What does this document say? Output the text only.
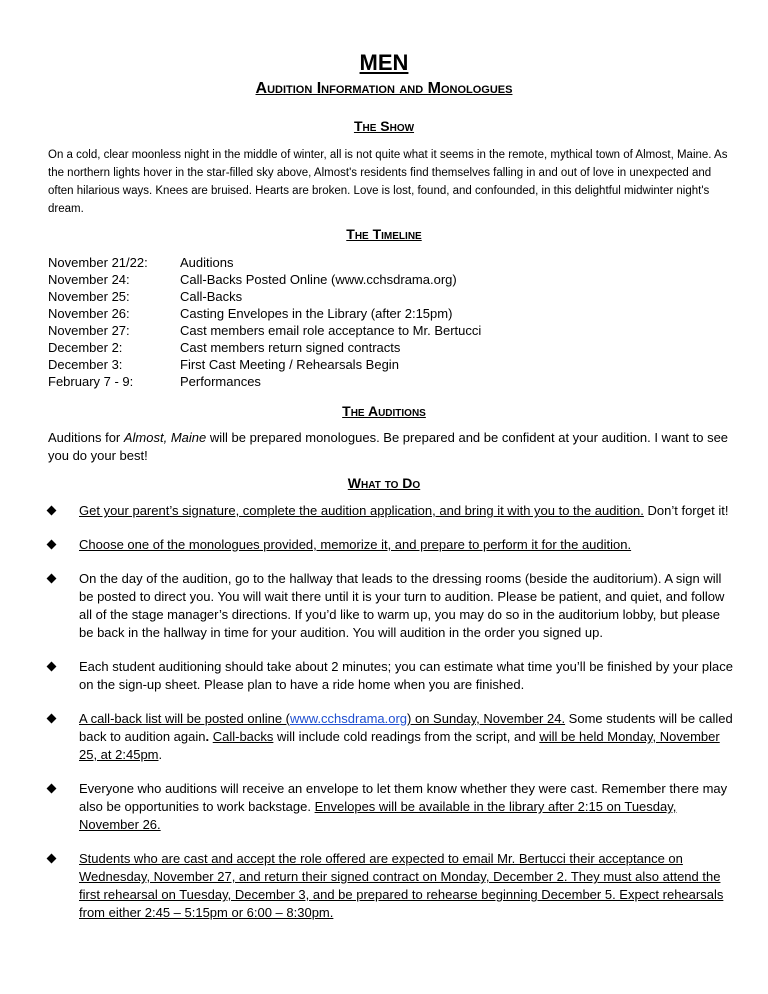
MEN
Audition Information and Monologues
The Show

On a cold, clear moonless night in the middle of winter, all is not quite what it seems in the remote, mythical town of Almost, Maine. As the northern lights hover in the star-filled sky above, Almost's residents find themselves falling in and out of love in unexpected and often hilarious ways. Knees are bruised. Hearts are broken. Love is lost, found, and confounded, in this delightful midwinter night's dream.

The Timeline
November 21/22:	Auditions
November 24:	Call-Backs Posted Online (www.cchsdrama.org)
November 25:	Call-Backs
November 26:	Casting Envelopes in the Library (after 2:15pm)
November 27:	Cast members email role acceptance to Mr. Bertucci
December 2:	Cast members return signed contracts
December 3:	First Cast Meeting / Rehearsals Begin
February 7 - 9:	Performances
The Auditions

Auditions for Almost, Maine will be prepared monologues. Be prepared and be confident at your audition. I want to see you do your best!

What to Do
Get your parent’s signature, complete the audition application, and bring it with you to the audition. Don’t forget it!
Choose one of the monologues provided, memorize it, and prepare to perform it for the audition.
On the day of the audition, go to the hallway that leads to the dressing rooms (beside the auditorium). A sign will be posted to direct you. You will wait there until it is your turn to audition. Please be patient, and quiet, and follow all of the stage manager’s directions. If you’d like to warm up, you may do so in the auditorium lobby, but please be back in the hallway in time for your audition. You will audition in the order you signed up.
Each student auditioning should take about 2 minutes; you can estimate what time you’ll be finished by your place on the sign-up sheet. Please plan to have a ride home when you are finished.
A call-back list will be posted online (www.cchsdrama.org) on Sunday, November 24. Some students will be called back to audition again. Call-backs will include cold readings from the script, and will be held Monday, November 25, at 2:45pm.
Everyone who auditions will receive an envelope to let them know whether they were cast. Remember there may also be opportunities to work backstage. Envelopes will be available in the library after 2:15 on Tuesday, November 26.
Students who are cast and accept the role offered are expected to email Mr. Bertucci their acceptance on Wednesday, November 27, and return their signed contract on Monday, December 2. They must also attend the first rehearsal on Tuesday, December 3, and be prepared to rehearse beginning December 5. Expect rehearsals from either 2:45 – 5:15pm or 6:00 – 8:30pm.
